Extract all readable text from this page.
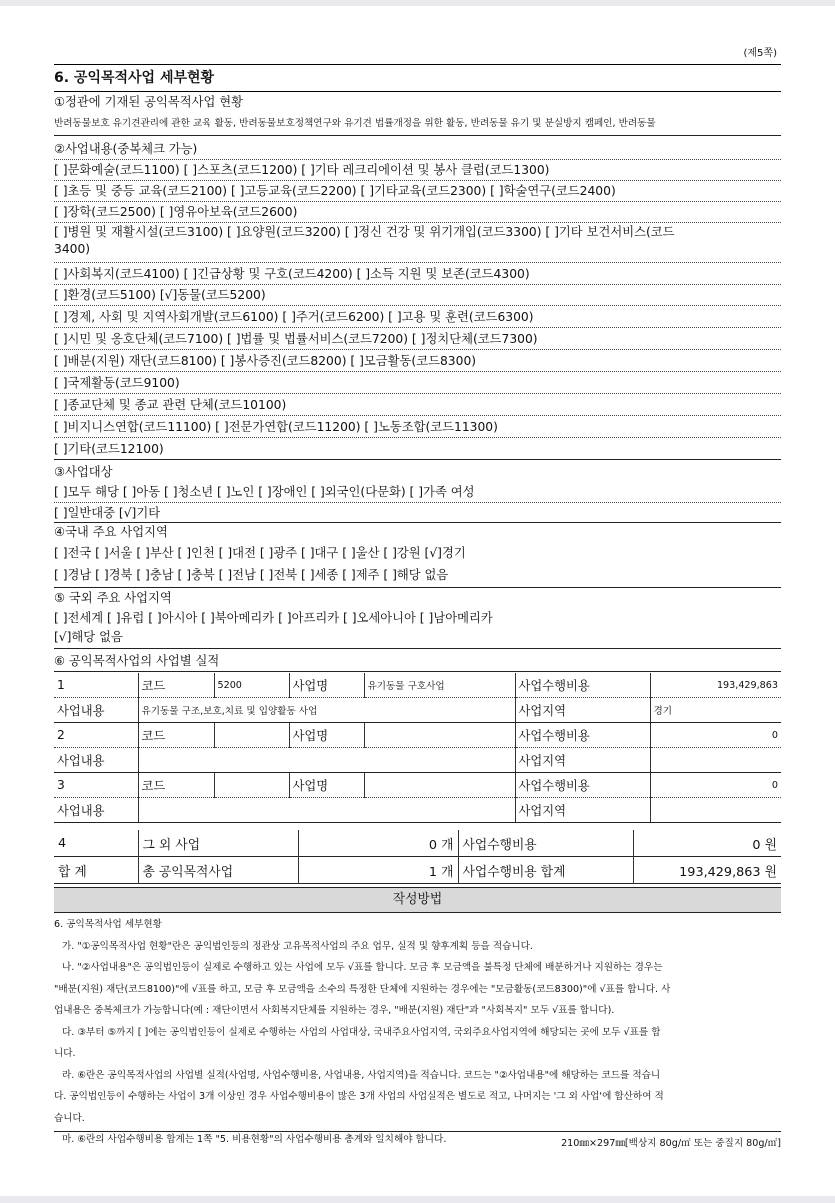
(제5쪽)
6. 공익목적사업 세부현황
①정관에 기재된 공익목적사업 현황
반려동물보호 유기견관리에 관한 교육 활동, 반려동물보호정책연구와 유기견 법률개정을 위한 활동, 반려동물 유기 및 분실방지 캠페인, 반려동물
②사업내용(중복체크 가능)
[ ]문화예술(코드1100) [ ]스포츠(코드1200) [ ]기타 레크리에이션 및 봉사 클럽(코드1300)
[ ]초등 및 중등 교육(코드2100) [ ]고등교육(코드2200) [ ]기타교육(코드2300) [ ]학술연구(코드2400)
[ ]장학(코드2500) [ ]영유아보육(코드2600)
[ ]병원 및 재활시설(코드3100) [ ]요양원(코드3200) [ ]정신 건강 및 위기개입(코드3300) [ ]기타 보건서비스(코드
3400)
[ ]사회복지(코드4100) [ ]긴급상황 및 구호(코드4200) [ ]소득 지원 및 보존(코드4300)
[ ]환경(코드5100) [√]동물(코드5200)
[ ]경제, 사회 및 지역사회개발(코드6100) [ ]주거(코드6200) [ ]고용 및 훈련(코드6300)
[ ]시민 및 옹호단체(코드7100) [ ]법률 및 법률서비스(코드7200) [ ]정치단체(코드7300)
[ ]배분(지원) 재단(코드8100) [ ]봉사증진(코드8200) [ ]모금활동(코드8300)
[ ]국제활동(코드9100)
[ ]종교단체 및 종교 관련 단체(코드10100)
[ ]비지니스연합(코드11100) [ ]전문가연합(코드11200) [ ]노동조합(코드11300)
[ ]기타(코드12100)
③사업대상
[ ]모두 해당 [ ]아동 [ ]청소년 [ ]노인 [ ]장애인 [ ]외국인(다문화) [ ]가족 여성
[ ]일반대중 [√]기타
④국내 주요 사업지역
[ ]전국 [ ]서울 [ ]부산 [ ]인천 [ ]대전 [ ]광주 [ ]대구 [ ]울산 [ ]강원 [√]경기
[ ]경남 [ ]경북 [ ]충남 [ ]충북 [ ]전남 [ ]전북 [ ]세종 [ ]제주 [ ]해당 없음
⑤ 국외 주요 사업지역
[ ]전세계 [ ]유럽 [ ]아시아 [ ]북아메리카 [ ]아프리카 [ ]오세아니아 [ ]남아메리카
[√]해당 없음
⑥ 공익목적사업의 사업별 실적
1	코드	5200	사업명	유기동물 구호사업	사업수행비용	193,429,863
사업내용	유기동물 구조,보호,치료 및 입양활동 사업				사업지역	경기
2	코드		사업명		사업수행비용	0
사업내용					사업지역	
3	코드		사업명		사업수행비용	0
사업내용					사업지역	
4	그 외 사업	0 개	사업수행비용	0 원
합 계	총 공익목적사업	1 개	사업수행비용 합계	193,429,863 원
작성방법

6. 공익목적사업 세부현황

가. "①공익목적사업 현황"란은 공익법인등의 정관상 고유목적사업의 주요 업무, 실적 및 향후계획 등을 적습니다.

나. "②사업내용"은 공익법인등이 실제로 수행하고 있는 사업에 모두 √표를 합니다. 모금 후 모금액을 불특정 단체에 배분하거나 지원하는 경우는

"배분(지원) 재단(코드8100)"에 √표를 하고, 모금 후 모금액을 소수의 특정한 단체에 지원하는 경우에는 "모금활동(코드8300)"에 √표를 합니다. 사

업내용은 중복체크가 가능합니다(예 : 재단이면서 사회복지단체를 지원하는 경우, "배분(지원) 재단"과 "사회복지" 모두 √표를 합니다).

다. ③부터 ⑤까지 [ ]에는 공익법인등이 실제로 수행하는 사업의 사업대상, 국내주요사업지역, 국외주요사업지역에 해당되는 곳에 모두 √표를 합

니다.

라. ⑥란은 공익목적사업의 사업별 실적(사업명, 사업수행비용, 사업내용, 사업지역)을 적습니다. 코드는 "②사업내용"에 해당하는 코드를 적습니

다. 공익법인등이 수행하는 사업이 3개 이상인 경우 사업수행비용이 많은 3개 사업의 사업실적은 별도로 적고, 나머지는 '그 외 사업'에 합산하여 적

습니다.

마. ⑥란의 사업수행비용 합계는 1쪽 "5. 비용현황"의 사업수행비용 총계와 일치해야 합니다.	210㎜×297㎜[백상지 80g/㎡ 또는 중질지 80g/㎡]
